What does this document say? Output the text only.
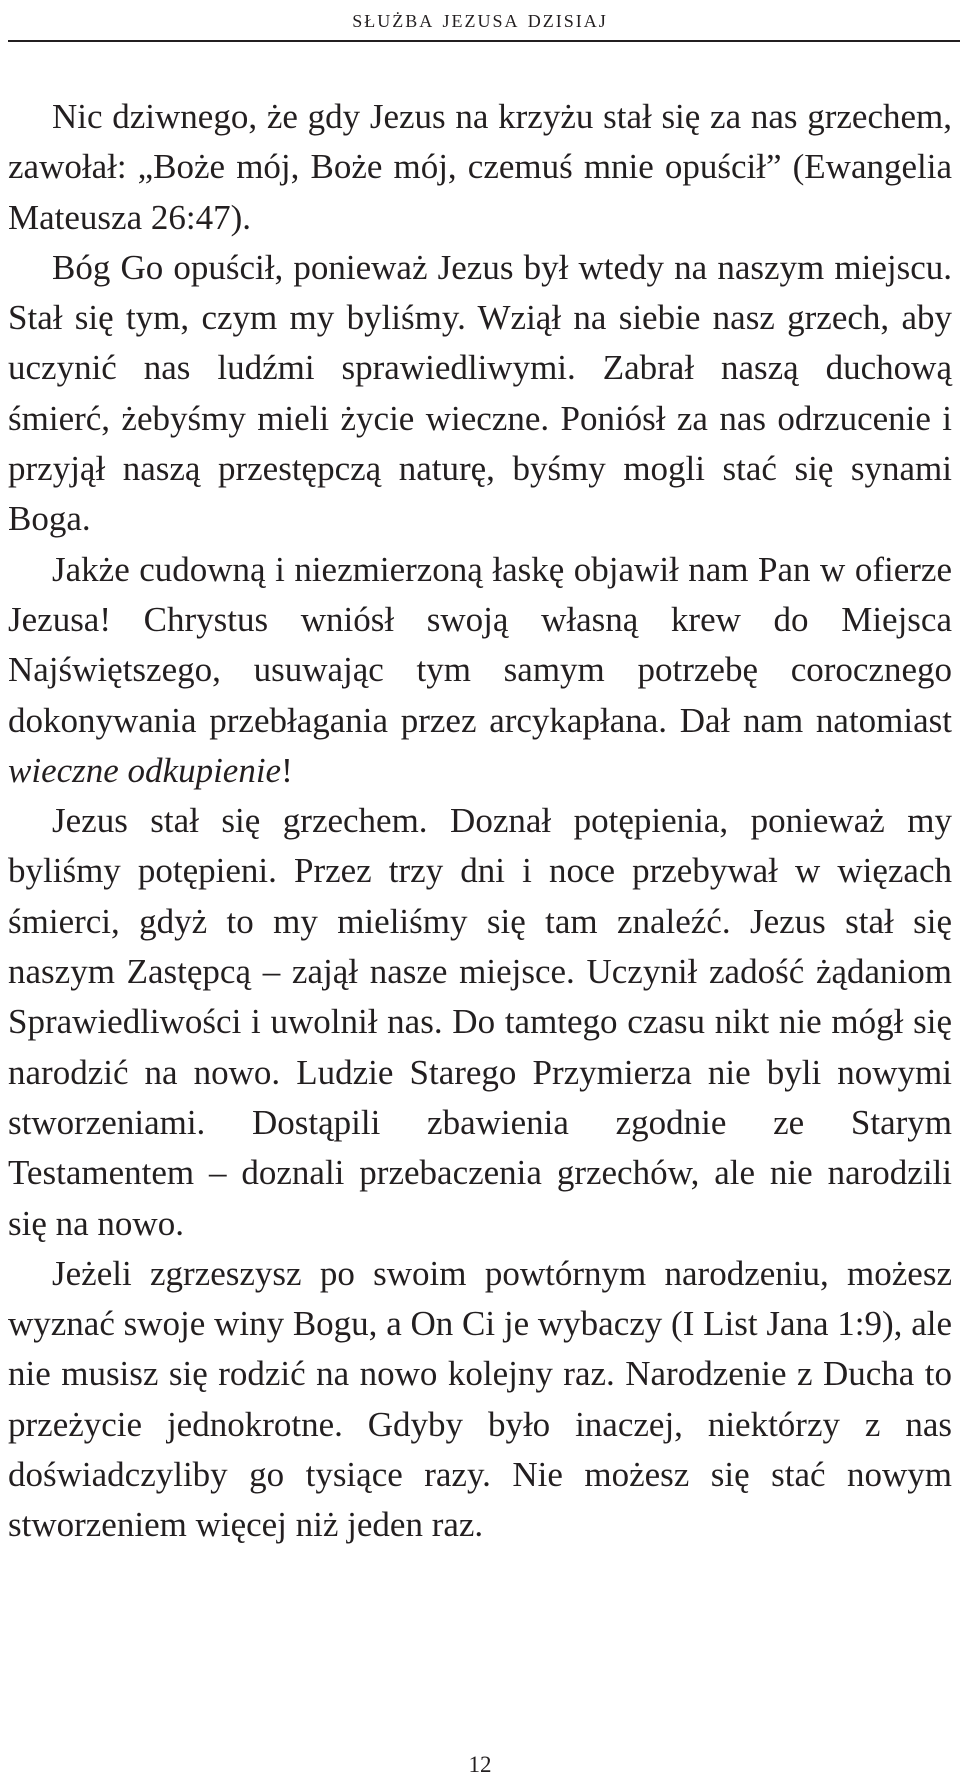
służba jezusa dzisiaj

Nic dziwnego, że gdy Jezus na krzyżu stał się za nas grzechem, zawołał: „Boże mój, Boże mój, czemuś mnie opuścił” (Ewangelia Mateusza 26:47).

Bóg Go opuścił, ponieważ Jezus był wtedy na naszym miejscu. Stał się tym, czym my byliśmy. Wziął na siebie nasz grzech, aby uczynić nas ludźmi sprawiedliwymi. Zabrał naszą duchową śmierć, żebyśmy mieli życie wieczne. Poniósł za nas odrzucenie i przyjął naszą przestępczą naturę, byśmy mogli stać się synami Boga.

Jakże cudowną i niezmierzoną łaskę objawił nam Pan w ofierze Jezusa! Chrystus wniósł swoją własną krew do Miejsca Najświętszego, usuwając tym samym potrzebę corocznego dokonywania przebłagania przez arcykapłana. Dał nam natomiast wieczne odkupienie!

Jezus stał się grzechem. Doznał potępienia, ponieważ my byliśmy potępieni. Przez trzy dni i noce przebywał w więzach śmierci, gdyż to my mieliśmy się tam znaleźć. Jezus stał się naszym Zastępcą – zajął nasze miejsce. Uczynił zadość żądaniom Sprawiedliwości i uwolnił nas. Do tamtego czasu nikt nie mógł się narodzić na nowo. Ludzie Starego Przymierza nie byli nowymi stworzeniami. Dostąpili zbawienia zgodnie ze Starym Testamentem – doznali przebaczenia grzechów, ale nie narodzili się na nowo.

Jeżeli zgrzeszysz po swoim powtórnym narodzeniu, możesz wyznać swoje winy Bogu, a On Ci je wybaczy (I List Jana 1:9), ale nie musisz się rodzić na nowo kolejny raz. Narodzenie z Ducha to przeżycie jednokrotne. Gdyby było inaczej, niektórzy z nas doświadczyliby go tysiące razy. Nie możesz się stać nowym stworzeniem więcej niż jeden raz.

12
